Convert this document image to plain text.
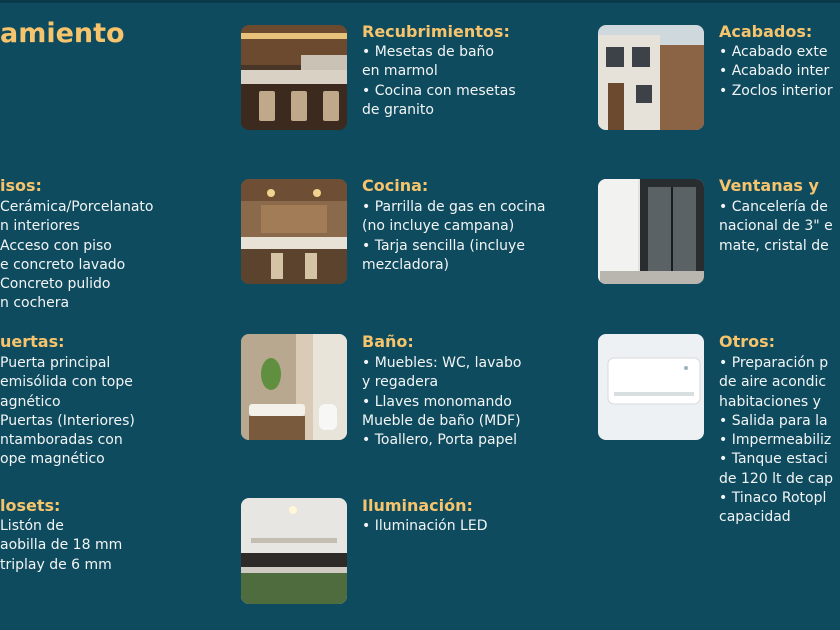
amiento
isos:
Cerámica/Porcelanato
n interiores
Acceso con piso
e concreto lavado
Concreto pulido
n cochera
uertas:
Puerta principal
emisólida con tope
agnético
Puertas (Interiores)
ntamboradas con
ope magnético
losets:
Listón de
aobilla de 18 mm
triplay de 6 mm
Recubrimientos:
• Mesetas de baño
en marmol
• Cocina con mesetas
de granito
Cocina:
• Parrilla de gas en cocina
(no incluye campana)
• Tarja sencilla (incluye
mezcladora)
Baño:
• Muebles: WC, lavabo
y regadera
• Llaves monomando
Mueble de baño (MDF)
• Toallero, Porta papel
Iluminación:
• Iluminación LED
Acabados:
• Acabado exte
• Acabado inter
• Zoclos interior
Ventanas y
• Cancelería de
nacional de 3" e
mate, cristal de
Otros:
• Preparación p
de aire acondic
habitaciones y
• Salida para la
• Impermeabiliz
• Tanque estaci
de 120 lt de cap
• Tinaco Rotopl
capacidad
